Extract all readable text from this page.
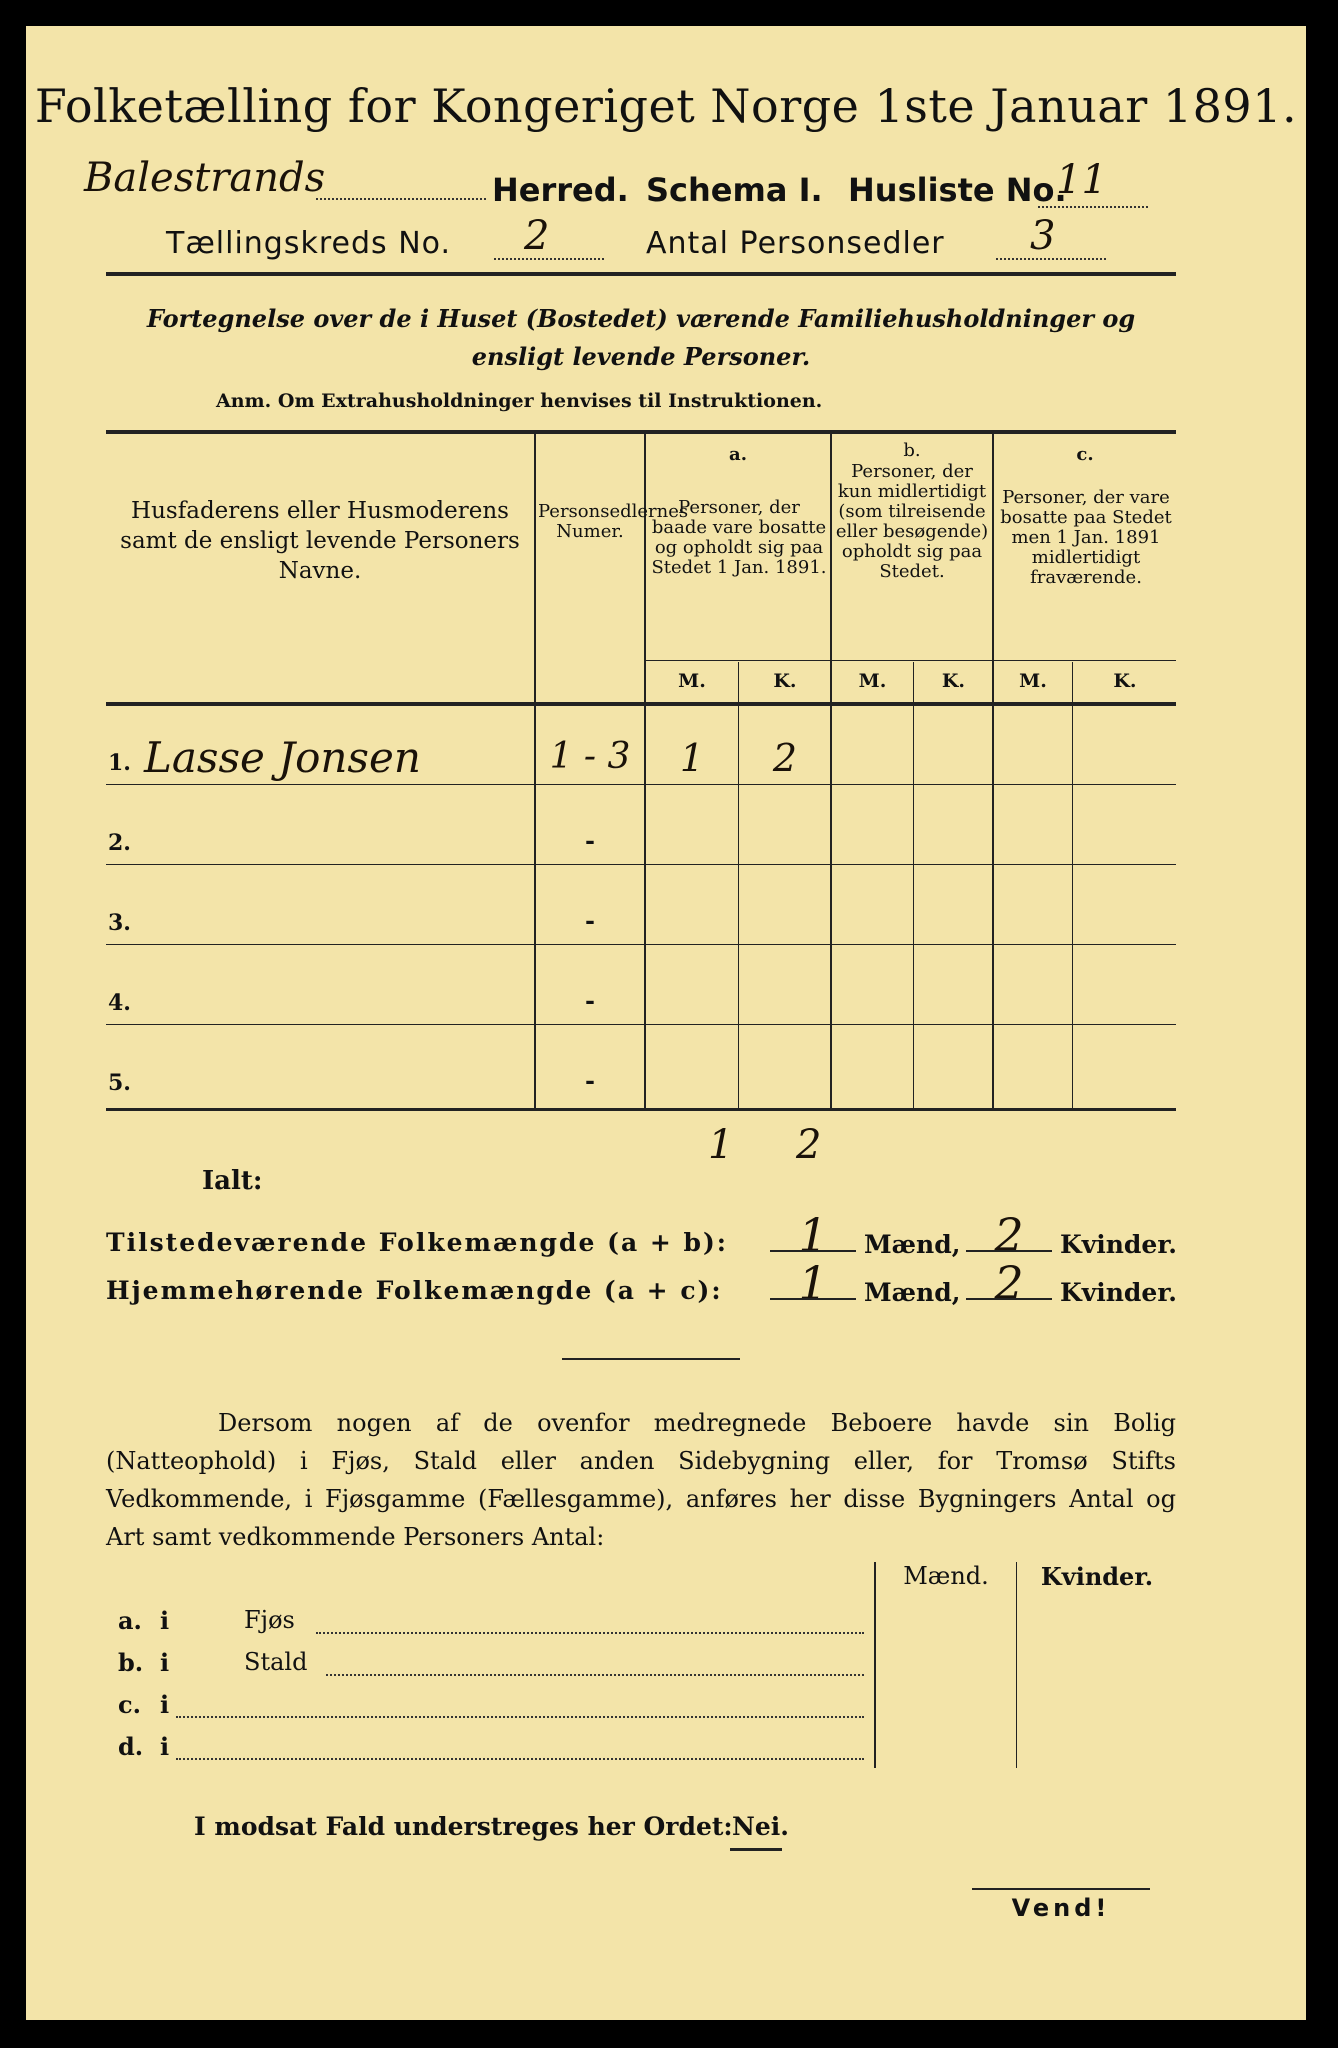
Folketælling for Kongeriget Norge 1ste Januar 1891.
Balestrands	Herred. Schema I. Husliste No.
11
Tællingskreds No. 2	Antal Personsedler 3
Fortegnelse over de i Huset (Bostedet) værende Familiehusholdninger og ensligt levende Personer.
Anm. Om Extrahusholdninger henvises til Instruktionen.
Husfaderens eller Husmoderens samt de ensligt levende Personers Navne.
Personsedlernes Numer.
a.
Personer, der baade vare bosatte og opholdt sig paa Stedet 1 Jan. 1891.
b.
Personer, der kun midlertidigt (som tilreisende eller besøgende) opholdt sig paa Stedet.
c.
Personer, der vare bosatte paa Stedet men 1 Jan. 1891 midlertidigt fraværende.
M.	K.	M.	K.	M.	K.
1. Lasse Jonsen	1 - 3	1	2
2.	-
3.	-
4.	-
5.	-
Ialt:
1 2
Tilstedeværende Folkemængde (a + b):	1	Mænd, 2	Kvinder.
Hjemmehørende Folkemængde (a + c):	1	Mænd, 2	Kvinder.
Dersom nogen af de ovenfor medregnede Beboere havde sin Bolig (Natteophold) i Fjøs, Stald eller anden Sidebygning eller, for Tromsø Stifts Vedkommende, i Fjøsgamme (Fællesgamme), anføres her disse Bygningers Antal og Art samt vedkommende Personers Antal:
Mænd.	Kvinder.
a. i	Fjøs
b. i	Stald
c. i
d. i
I modsat Fald understreges her Ordet: Nei.
Vend!
